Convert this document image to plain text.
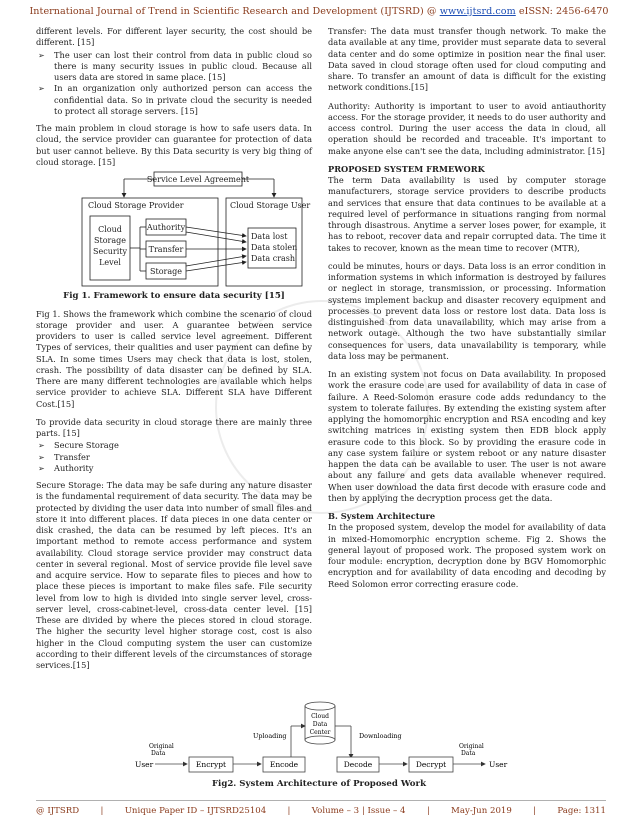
International Journal of Trend in Scientific Research and Development (IJTSRD) @ www.ijtsrd.com eISSN: 2456-6470

different levels. For different layer security, the cost should be different. [15]

➢ The user can lost their control from data in public cloud so there is many security issues in public cloud. Because all users data are stored in same place. [15]
➢ In an organization only authorized person can access the confidential data. So in private cloud the security is needed to protect all storage servers. [15]

The main problem in cloud storage is how to safe users data. In cloud, the service provider can guarantee for protection of data but user cannot believe. By this Data security is very big thing of cloud storage. [15]

Service Level Agreement
Cloud Storage Provider
Cloud
Storage
Security
Level
Authority
Transfer
Storage
Cloud Storage User
Data lost
Data stolen
Data crash
Fig 1. Framework to ensure data security [15]

Fig 1. Shows the framework which combine the scenario of cloud storage provider and user. A guarantee between service providers to user is called service level agreement. Different Types of services, their qualities and user payment can define by SLA. In some times Users may check that data is lost, stolen, crash. The possibility of data disaster can be defined by SLA. There are many different technologies are available which helps service provider to achieve SLA. Different SLA have Different Cost.[15]

To provide data security in cloud storage there are mainly three parts. [15]

➢ Secure Storage
➢ Transfer
➢ Authority

Secure Storage: The data may be safe during any nature disaster is the fundamental requirement of data security. The data may be protected by dividing the user data into number of small files and store it into different places. If data pieces in one data center or disk crashed, the data can be resumed by left pieces. It's an important method to remote access performance and system availability. Cloud storage service provider may construct data center in several regional. Most of service provide file level save and acquire service. How to separate files to pieces and how to place these pieces is important to make files safe. File security level from low to high is divided into single server level, cross-server level, cross-cabinet-level, cross-data center level. [15] These are divided by where the pieces stored in cloud storage. The higher the security level higher storage cost, cost is also higher in the Cloud computing system the user can customize according to their different levels of the circumstances of storage services.[15]

Transfer: The data must transfer though network. To make the data available at any time, provider must separate data to several data center and do some optimize in position near the final user. Data saved in cloud storage often used for cloud computing and share. To transfer an amount of data is difficult for the existing network conditions.[15]

Authority: Authority is important to user to avoid antiauthority access. For the storage provider, it needs to do user authority and access control. During the user access the data in cloud, all operation should be recorded and traceable. It's important to make anyone else can't see the data, including administrator. [15]

PROPOSED SYSTEM FRMEWORK

The term Data availability is used by computer storage manufacturers, storage service providers to describe products and services that ensure that data continues to be available at a required level of performance in situations ranging from normal through disastrous. Anytime a server loses power, for example, it has to reboot, recover data and repair corrupted data. The time it takes to recover, known as the mean time to recover (MTR),

could be minutes, hours or days. Data loss is an error condition in information systems in which information is destroyed by failures or neglect in storage, transmission, or processing. Information systems implement backup and disaster recovery equipment and processes to prevent data loss or restore lost data. Data loss is distinguished from data unavailability, which may arise from a network outage. Although the two have substantially similar consequences for users, data unavailability is temporary, while data loss may be permanent.

In an existing system not focus on Data availability. In proposed work the erasure code are used for availability of data in case of failure. A Reed-Solomon erasure code adds redundancy to the system to tolerate failures. By extending the existing system after applying the homomorphic encryption and RSA encoding and key switching matrices in existing system then EDB block apply erasure code to this block. So by providing the erasure code in any case system failure or system reboot or any nature disaster happen the data can be available to user. The user is not aware about any failure and gets data available whenever required. When user download the data first decode with erasure code and then by applying the decryption process get the data.

B. System Architecture

In the proposed system, develop the model for availability of data in mixed-Homomorphic encryption scheme. Fig 2. Shows the general layout of proposed work. The proposed system work on four module: encryption, decryption done by BGV Homomorphic encryption and for availability of data encoding and decoding by Reed Solomon error correcting erasure code.

Cloud
Data
Center
Uploading	Downloading
Original
Data
User	Encrypt	Encode	Decode	Decrypt
Original
Data
User
Fig2. System Architecture of Proposed Work
@ IJTSRD | Unique Paper ID – IJTSRD25104 | Volume – 3 | Issue – 4 | May-Jun 2019 | Page: 1311
